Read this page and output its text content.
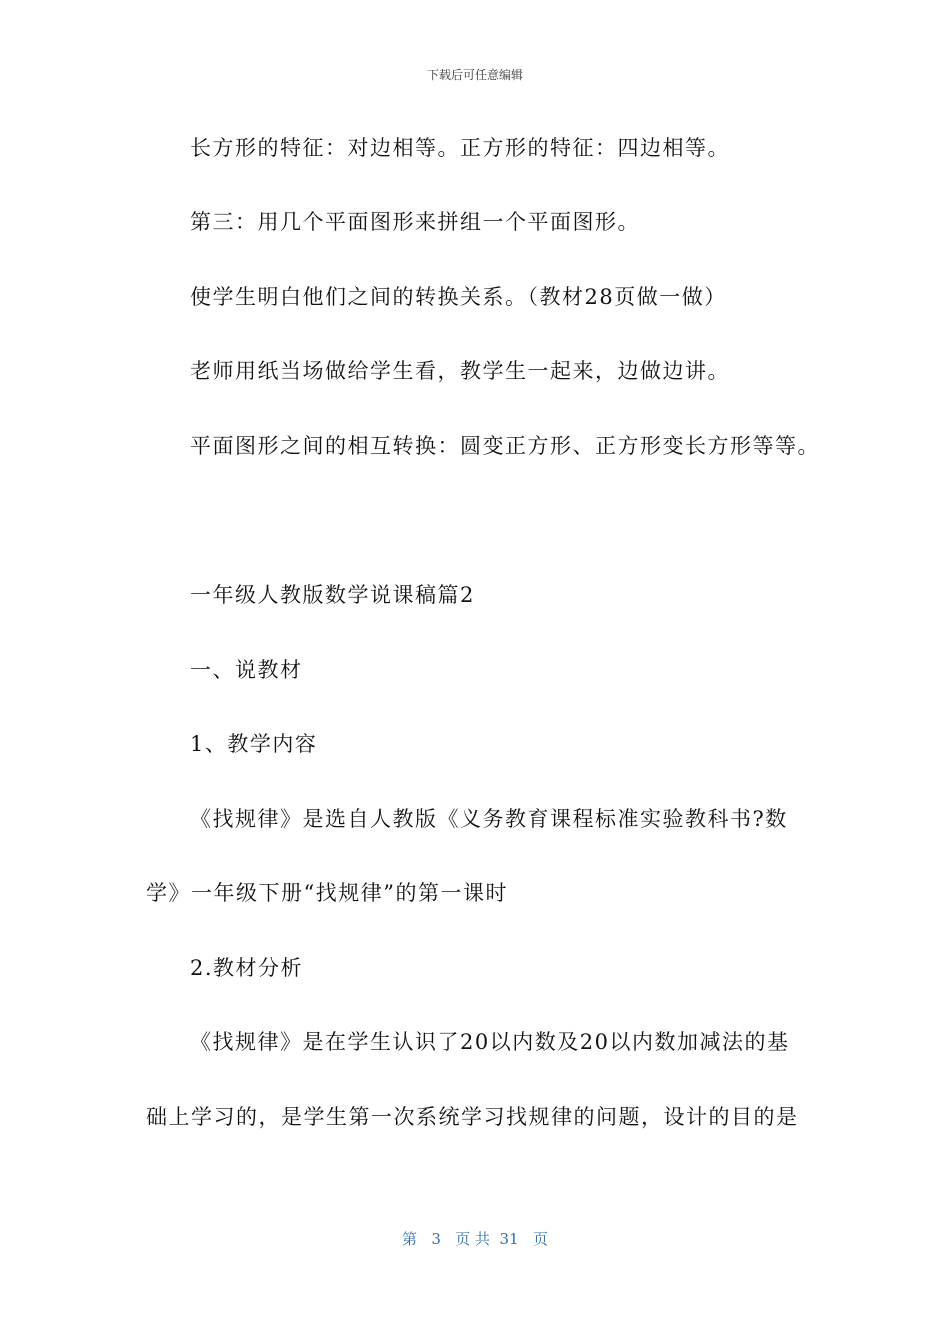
下载后可任意编辑
长方形的特征：对边相等。正方形的特征：四边相等。
第三：用几个平面图形来拼组一个平面图形。
使学生明白他们之间的转换关系。（教材28页做一做）
老师用纸当场做给学生看，教学生一起来，边做边讲。
平面图形之间的相互转换：圆变正方形、正方形变长方形等等。
一年级人教版数学说课稿篇2
一、说教材
1、教学内容
《找规律》是选自人教版《义务教育课程标准实验教科书?数
学》一年级下册“找规律”的第一课时
2.教材分析
《找规律》是在学生认识了20以内数及20以内数加减法的基
础上学习的，是学生第一次系统学习找规律的问题，设计的目的是
第 3 页 共 31 页
